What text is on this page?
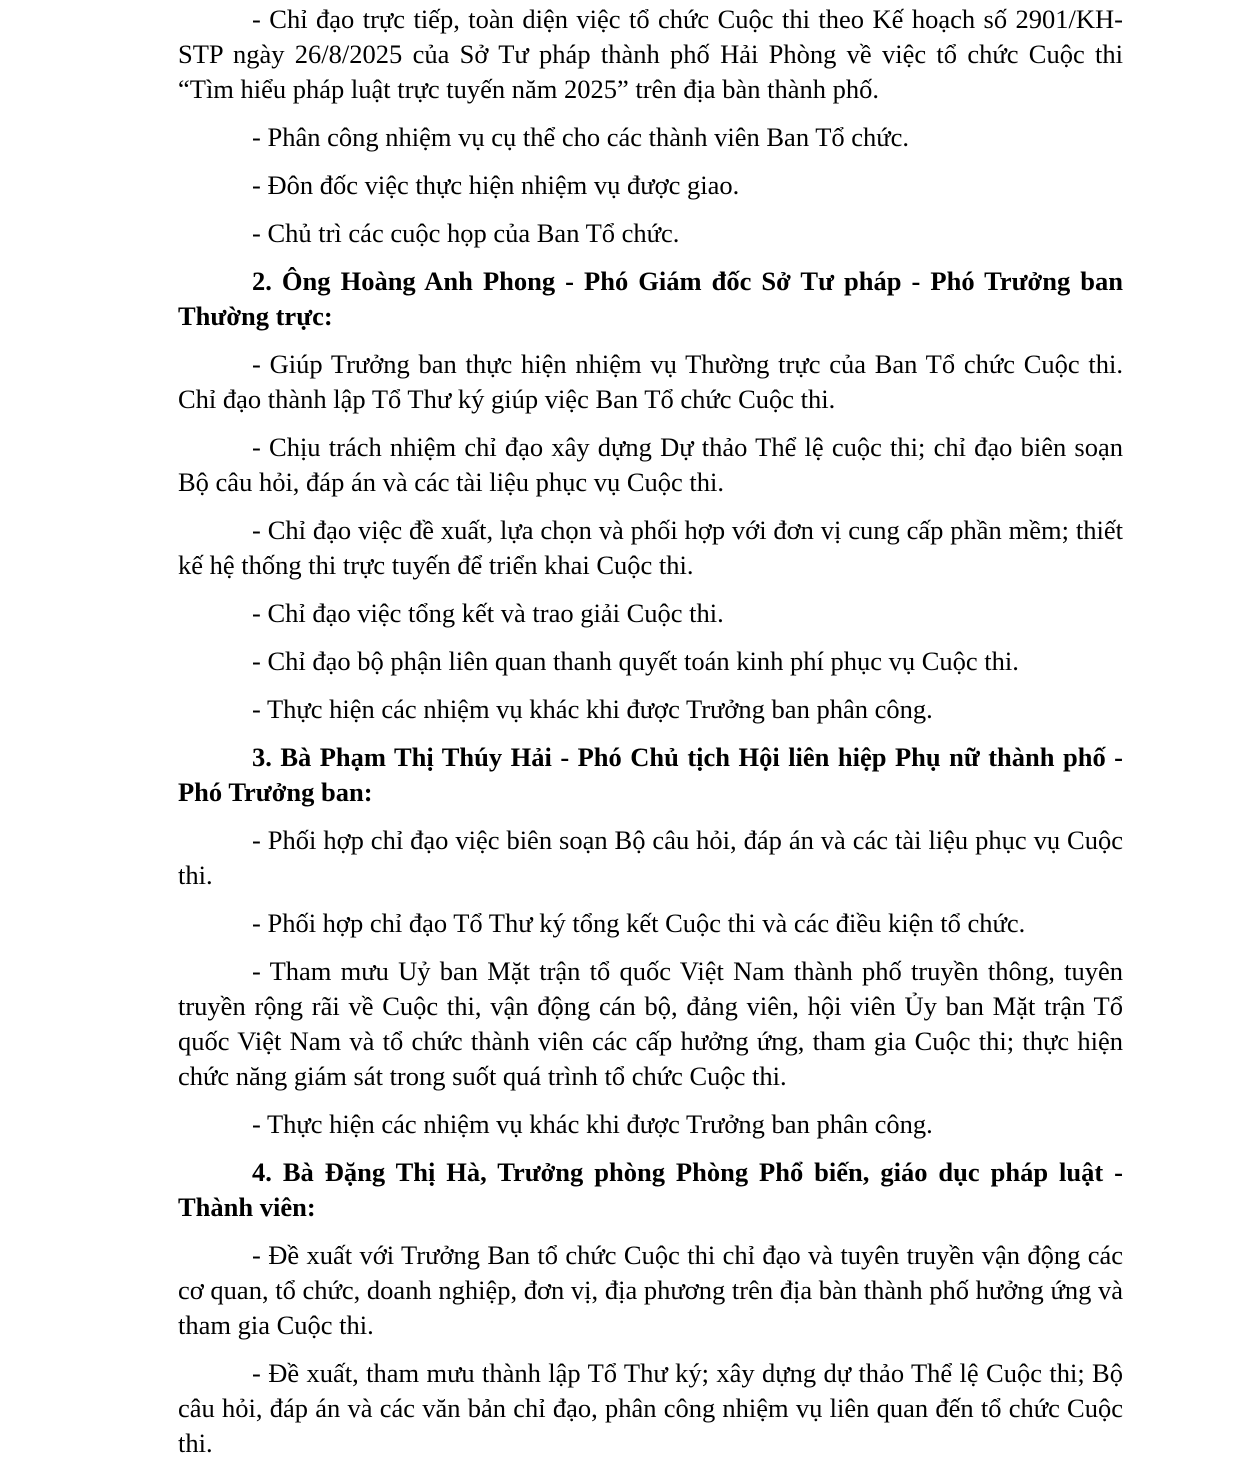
- Chỉ đạo trực tiếp, toàn diện việc tổ chức Cuộc thi theo Kế hoạch số 2901/KH-STP ngày 26/8/2025 của Sở Tư pháp thành phố Hải Phòng về việc tổ chức Cuộc thi “Tìm hiểu pháp luật trực tuyến năm 2025” trên địa bàn thành phố.

- Phân công nhiệm vụ cụ thể cho các thành viên Ban Tổ chức.

- Đôn đốc việc thực hiện nhiệm vụ được giao.

- Chủ trì các cuộc họp của Ban Tổ chức.

2. Ông Hoàng Anh Phong - Phó Giám đốc Sở Tư pháp - Phó Trưởng ban Thường trực:

- Giúp Trưởng ban thực hiện nhiệm vụ Thường trực của Ban Tổ chức Cuộc thi. Chỉ đạo thành lập Tổ Thư ký giúp việc Ban Tổ chức Cuộc thi.

- Chịu trách nhiệm chỉ đạo xây dựng Dự thảo Thể lệ cuộc thi; chỉ đạo biên soạn Bộ câu hỏi, đáp án và các tài liệu phục vụ Cuộc thi.

- Chỉ đạo việc đề xuất, lựa chọn và phối hợp với đơn vị cung cấp phần mềm; thiết kế hệ thống thi trực tuyến để triển khai Cuộc thi.

- Chỉ đạo việc tổng kết và trao giải Cuộc thi.

- Chỉ đạo bộ phận liên quan thanh quyết toán kinh phí phục vụ Cuộc thi.

- Thực hiện các nhiệm vụ khác khi được Trưởng ban phân công.

3. Bà Phạm Thị Thúy Hải - Phó Chủ tịch Hội liên hiệp Phụ nữ thành phố - Phó Trưởng ban:

- Phối hợp chỉ đạo việc biên soạn Bộ câu hỏi, đáp án và các tài liệu phục vụ Cuộc thi.

- Phối hợp chỉ đạo Tổ Thư ký tổng kết Cuộc thi và các điều kiện tổ chức.

- Tham mưu Uỷ ban Mặt trận tổ quốc Việt Nam thành phố truyền thông, tuyên truyền rộng rãi về Cuộc thi, vận động cán bộ, đảng viên, hội viên Ủy ban Mặt trận Tổ quốc Việt Nam và tổ chức thành viên các cấp hưởng ứng, tham gia Cuộc thi; thực hiện chức năng giám sát trong suốt quá trình tổ chức Cuộc thi.

- Thực hiện các nhiệm vụ khác khi được Trưởng ban phân công.

4. Bà Đặng Thị Hà, Trưởng phòng Phòng Phổ biến, giáo dục pháp luật - Thành viên:

- Đề xuất với Trưởng Ban tổ chức Cuộc thi chỉ đạo và tuyên truyền vận động các cơ quan, tổ chức, doanh nghiệp, đơn vị, địa phương trên địa bàn thành phố hưởng ứng và tham gia Cuộc thi.

- Đề xuất, tham mưu thành lập Tổ Thư ký; xây dựng dự thảo Thể lệ Cuộc thi; Bộ câu hỏi, đáp án và các văn bản chỉ đạo, phân công nhiệm vụ liên quan đến tổ chức Cuộc thi.
